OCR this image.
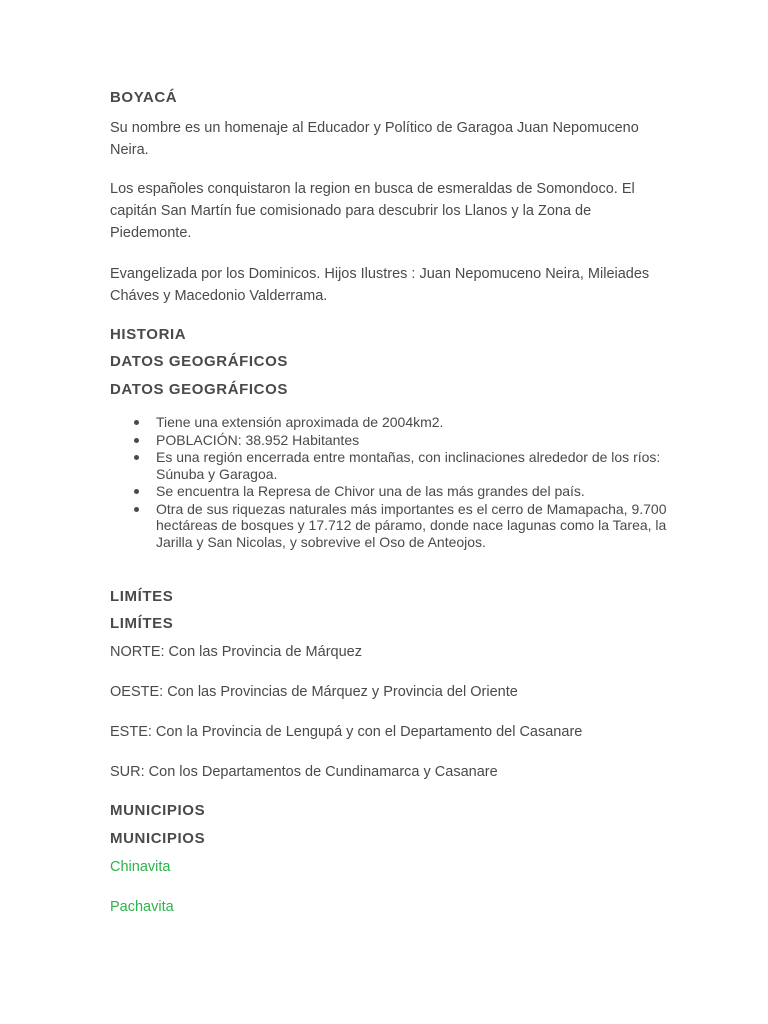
BOYACÁ

Su nombre es un homenaje al Educador y Político de Garagoa Juan Nepomuceno Neira.

Los españoles conquistaron la region en busca de esmeraldas de Somondoco. El capitán San Martín fue comisionado para descubrir los Llanos y la Zona de Piedemonte.

Evangelizada por los Dominicos. Hijos Ilustres : Juan Nepomuceno Neira, Mileiades Cháves y Macedonio Valderrama.

HISTORIA
DATOS GEOGRÁFICOS
DATOS GEOGRÁFICOS
Tiene una extensión aproximada de 2004km2.
POBLACIÓN: 38.952 Habitantes
Es una región encerrada entre montañas, con inclinaciones alrededor de los ríos: Súnuba y Garagoa.
Se encuentra la Represa de Chivor una de las más grandes del país.
Otra de sus riquezas naturales más importantes es el cerro de Mamapacha, 9.700 hectáreas de bosques y 17.712 de páramo, donde nace lagunas como la Tarea, la Jarilla y San Nicolas, y sobrevive el Oso de Anteojos.
LIMÍTES
LIMÍTES

NORTE: Con las Provincia de Márquez

OESTE: Con las Provincias de Márquez y Provincia del Oriente

ESTE: Con la Provincia de Lengupá y con el Departamento del Casanare

SUR: Con los Departamentos de Cundinamarca y Casanare

MUNICIPIOS
MUNICIPIOS
Chinavita
Pachavita
